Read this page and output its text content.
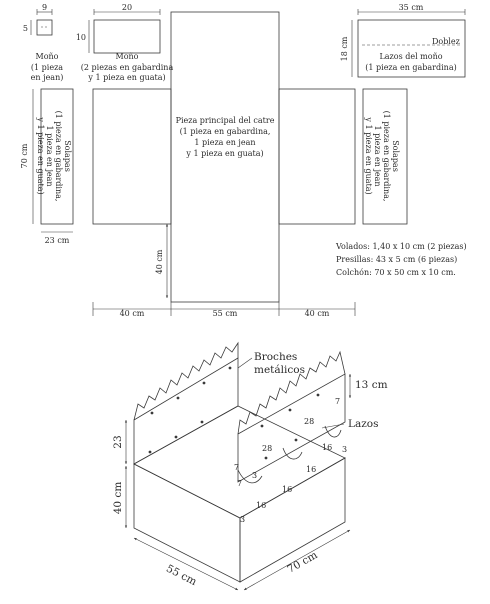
9
5
Moño
(1 pieza
en jean)
20
10
Moño
(2 piezas en gabardina
y 1 pieza en guata)
35 cm
Doblez
18 cm	Lazos del moño
(1 pieza en gabardina)
Pieza principal del catre
(1 pieza en gabardina,
1 pieza en jean
y 1 pieza en guata)
40 cm
Solapas
(1 pieza en gabardina,
1 pieza en jean
y 1 pieza en guata)
70 cm
23 cm
Solapas
(1 pieza en gabardina,
1 pieza en jean
y 1 pieza en guata)
40 cm	55 cm	40 cm
Volados: 1,40 x 10 cm (2 piezas)
Presillas: 43 x 5 cm (6 piezas)
Colchón: 70 x 50 cm x 10 cm.
Broches
metálicos
13 cm
Lazos
23
40 cm
55 cm	70 cm
7
28
28
7
7
16
16
16
16
3
3
3
